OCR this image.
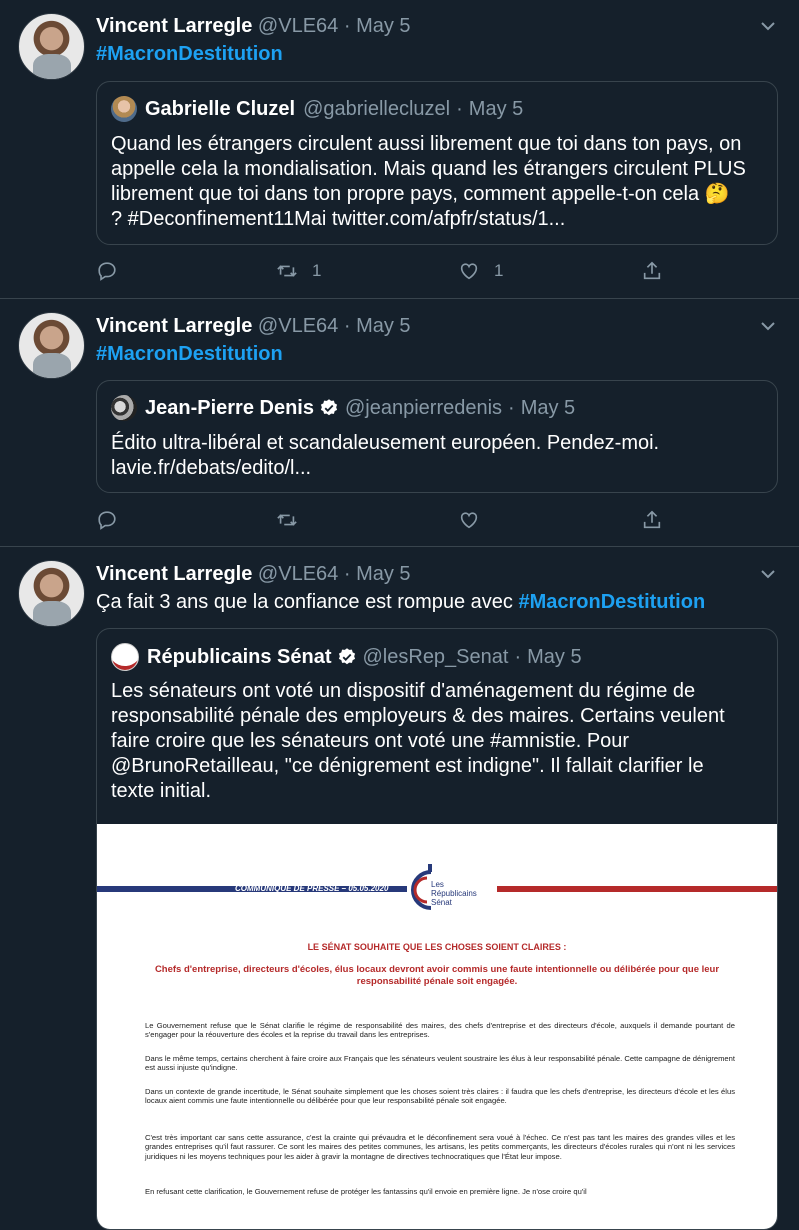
Vincent Larregle @VLE64 · May 5
#MacronDestitution
Gabrielle Cluzel @gabriellecluzel · May 5
Quand les étrangers circulent aussi librement que toi dans ton pays, on
appelle cela la mondialisation. Mais quand les étrangers circulent PLUS
librement que toi dans ton propre pays, comment appelle-t-on cela 🤔
? #Deconfinement11Mai twitter.com/afpfr/status/1...
1	1
Vincent Larregle @VLE64 · May 5
#MacronDestitution
Jean-Pierre Denis @jeanpierredenis · May 5
Édito ultra-libéral et scandaleusement européen. Pendez-moi.
lavie.fr/debats/edito/l...
Vincent Larregle @VLE64 · May 5
Ça fait 3 ans que la confiance est rompue avec #MacronDestitution
Républicains Sénat @lesRep_Senat · May 5
Les sénateurs ont voté un dispositif d'aménagement du régime de
responsabilité pénale des employeurs & des maires. Certains veulent
faire croire que les sénateurs ont voté une #amnistie. Pour
@BrunoRetailleau, "ce dénigrement est indigne". Il fallait clarifier le
texte initial.
COMMUNIQUÉ DE PRESSE – 05.05.2020	Les
Républicains
Sénat
LE SÉNAT SOUHAITE QUE LES CHOSES SOIENT CLAIRES :
Chefs d'entreprise, directeurs d'écoles, élus locaux devront avoir commis une faute intentionnelle ou délibérée pour que leur responsabilité pénale soit engagée.
Le Gouvernement refuse que le Sénat clarifie le régime de responsabilité des maires, des chefs d'entreprise et des directeurs d'école, auxquels il demande pourtant de s'engager pour la réouverture des écoles et la reprise du travail dans les entreprises.
Dans le même temps, certains cherchent à faire croire aux Français que les sénateurs veulent soustraire les élus à leur responsabilité pénale. Cette campagne de dénigrement est aussi injuste qu'indigne.
Dans un contexte de grande incertitude, le Sénat souhaite simplement que les choses soient très claires : il faudra que les chefs d'entreprise, les directeurs d'école et les élus locaux aient commis une faute intentionnelle ou délibérée pour que leur responsabilité pénale soit engagée.
C'est très important car sans cette assurance, c'est la crainte qui prévaudra et le déconfinement sera voué à l'échec. Ce n'est pas tant les maires des grandes villes et les grandes entreprises qu'il faut rassurer. Ce sont les maires des petites communes, les artisans, les petits commerçants, les directeurs d'écoles rurales qui n'ont ni les services juridiques ni les moyens techniques pour les aider à gravir la montagne de directives technocratiques que l'État leur impose.
En refusant cette clarification, le Gouvernement refuse de protéger les fantassins qu'il envoie en première ligne. Je n'ose croire qu'il
